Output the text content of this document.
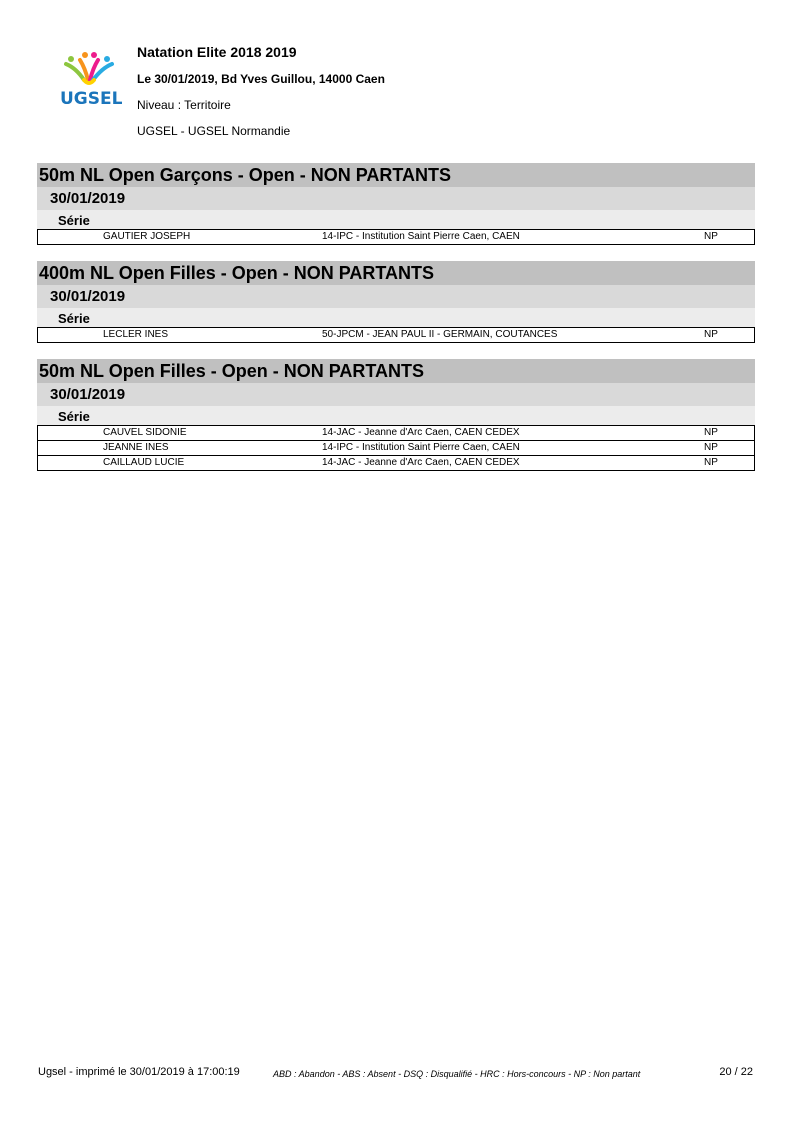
UGSEL
Natation Elite 2018 2019
Le 30/01/2019, Bd Yves Guillou, 14000 Caen
Niveau : Territoire
UGSEL - UGSEL Normandie
50m NL Open Garçons - Open - NON PARTANTS
30/01/2019
Série
GAUTIER JOSEPH	14-IPC - Institution Saint Pierre Caen, CAEN	NP
400m NL Open Filles - Open - NON PARTANTS
30/01/2019
Série
LECLER INES	50-JPCM - JEAN PAUL II - GERMAIN, COUTANCES	NP
50m NL Open Filles - Open - NON PARTANTS
30/01/2019
Série
CAUVEL SIDONIE	14-JAC - Jeanne d'Arc Caen, CAEN CEDEX	NP
JEANNE INES	14-IPC - Institution Saint Pierre Caen, CAEN	NP
CAILLAUD LUCIE	14-JAC - Jeanne d'Arc Caen, CAEN CEDEX	NP
Ugsel - imprimé le 30/01/2019 à 17:00:19	ABD : Abandon - ABS : Absent - DSQ : Disqualifié - HRC : Hors-concours - NP : Non partant	20 / 22
